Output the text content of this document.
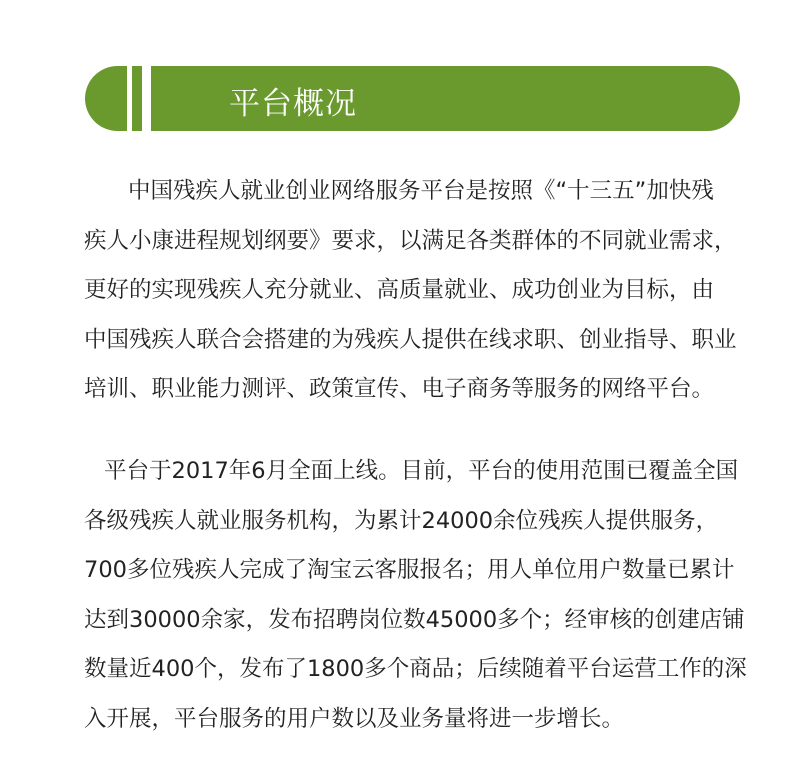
平台概况
中国残疾人就业创业网络服务平台是按照《“十三五”加快残
疾人小康进程规划纲要》要求，以满足各类群体的不同就业需求，
更好的实现残疾人充分就业、高质量就业、成功创业为目标，由
中国残疾人联合会搭建的为残疾人提供在线求职、创业指导、职业
培训、职业能力测评、政策宣传、电子商务等服务的网络平台。
平台于2017年6月全面上线。目前，平台的使用范围已覆盖全国
各级残疾人就业服务机构，为累计24000余位残疾人提供服务，
700多位残疾人完成了淘宝云客服报名；用人单位用户数量已累计
达到30000余家，发布招聘岗位数45000多个；经审核的创建店铺
数量近400个，发布了1800多个商品；后续随着平台运营工作的深
入开展，平台服务的用户数以及业务量将进一步增长。
